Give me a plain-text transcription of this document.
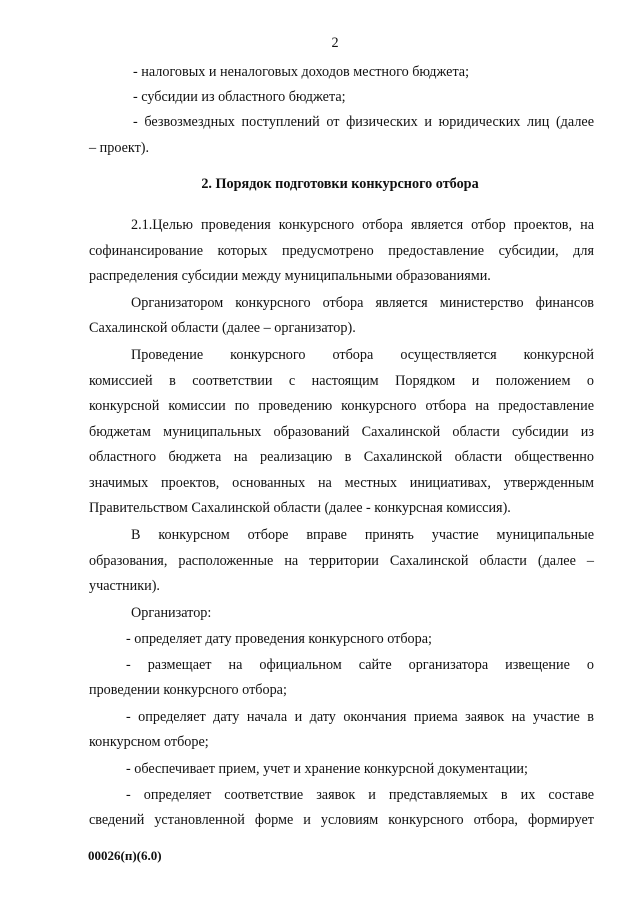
2
- налоговых и неналоговых доходов местного бюджета;
- субсидии из областного бюджета;
- безвозмездных поступлений от физических и юридических лиц (далее
– проект).
2. Порядок подготовки конкурсного отбора
2.1.Целью проведения конкурсного отбора является отбор проектов, на
софинансирование которых предусмотрено предоставление субсидии, для
распределения субсидии между муниципальными образованиями.
Организатором конкурсного отбора является министерство финансов
Сахалинской области (далее – организатор).
Проведение конкурсного отбора осуществляется конкурсной
комиссией в соответствии с настоящим Порядком и положением о
конкурсной комиссии по проведению конкурсного отбора на предоставление
бюджетам муниципальных образований Сахалинской области субсидии из
областного бюджета на реализацию в Сахалинской области общественно
значимых проектов, основанных на местных инициативах, утвержденным
Правительством Сахалинской области (далее - конкурсная комиссия).
В конкурсном отборе вправе принять участие муниципальные
образования, расположенные на территории Сахалинской области (далее –
участники).
Организатор:
- определяет дату проведения конкурсного отбора;
- размещает на официальном сайте организатора извещение о
проведении конкурсного отбора;
- определяет дату начала и дату окончания приема заявок на участие в
конкурсном отборе;
- обеспечивает прием, учет и хранение конкурсной документации;
- определяет соответствие заявок и представляемых в их составе
сведений установленной форме и условиям конкурсного отбора, формирует
00026(п)(6.0)
